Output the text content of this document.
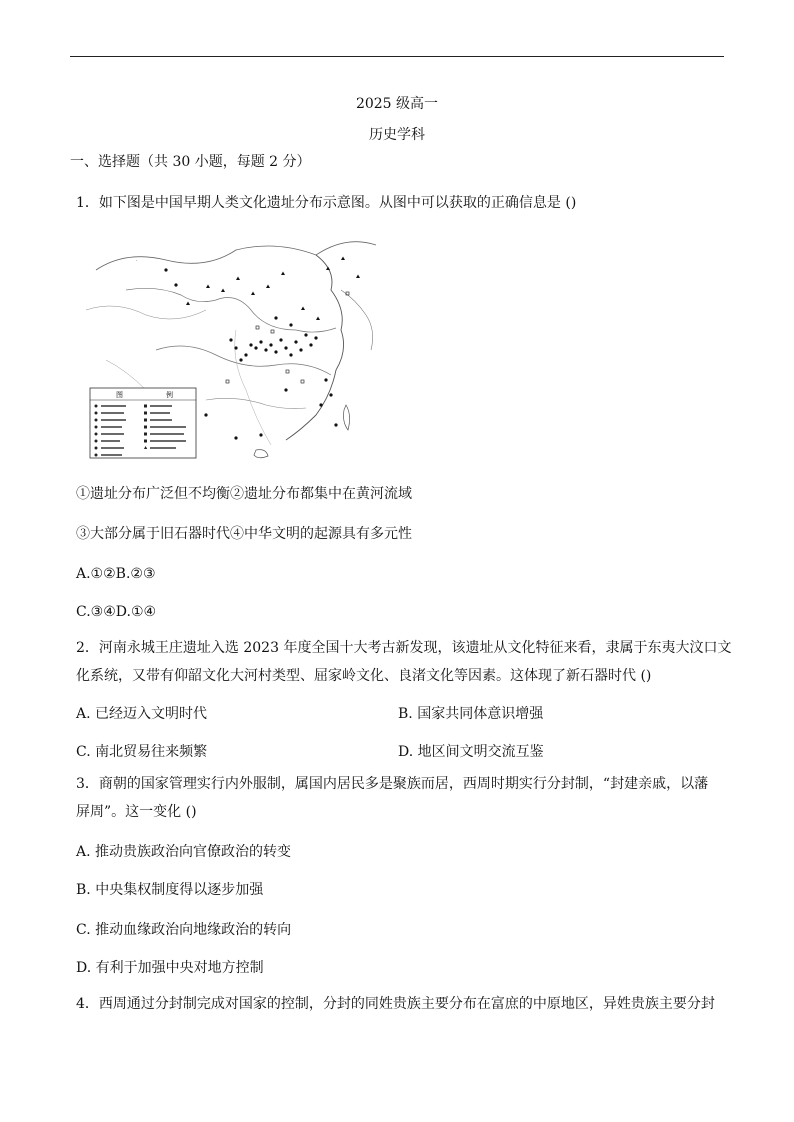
2025 级高一
历史学科
一、选择题（共 30 小题，每题 2 分）
1．如下图是中国早期人类文化遗址分布示意图。从图中可以获取的正确信息是 ()
·
图	例
①遗址分布广泛但不均衡②遗址分布都集中在黄河流域
③大部分属于旧石器时代④中华文明的起源具有多元性
A.①②B.②③
C.③④D.①④
2．河南永城王庄遗址入选 2023 年度全国十大考古新发现，该遗址从文化特征来看，隶属于东夷大汶口文
化系统，又带有仰韶文化大河村类型、屈家岭文化、良渚文化等因素。这体现了新石器时代 ()
A. 已经迈入文明时代	B. 国家共同体意识增强
C. 南北贸易往来频繁	D. 地区间文明交流互鉴
3．商朝的国家管理实行内外服制，属国内居民多是聚族而居，西周时期实行分封制，“封建亲戚，以藩
屏周”。这一变化 ()
A. 推动贵族政治向官僚政治的转变
B. 中央集权制度得以逐步加强
C. 推动血缘政治向地缘政治的转向
D. 有利于加强中央对地方控制
4．西周通过分封制完成对国家的控制，分封的同姓贵族主要分布在富庶的中原地区，异姓贵族主要分封
